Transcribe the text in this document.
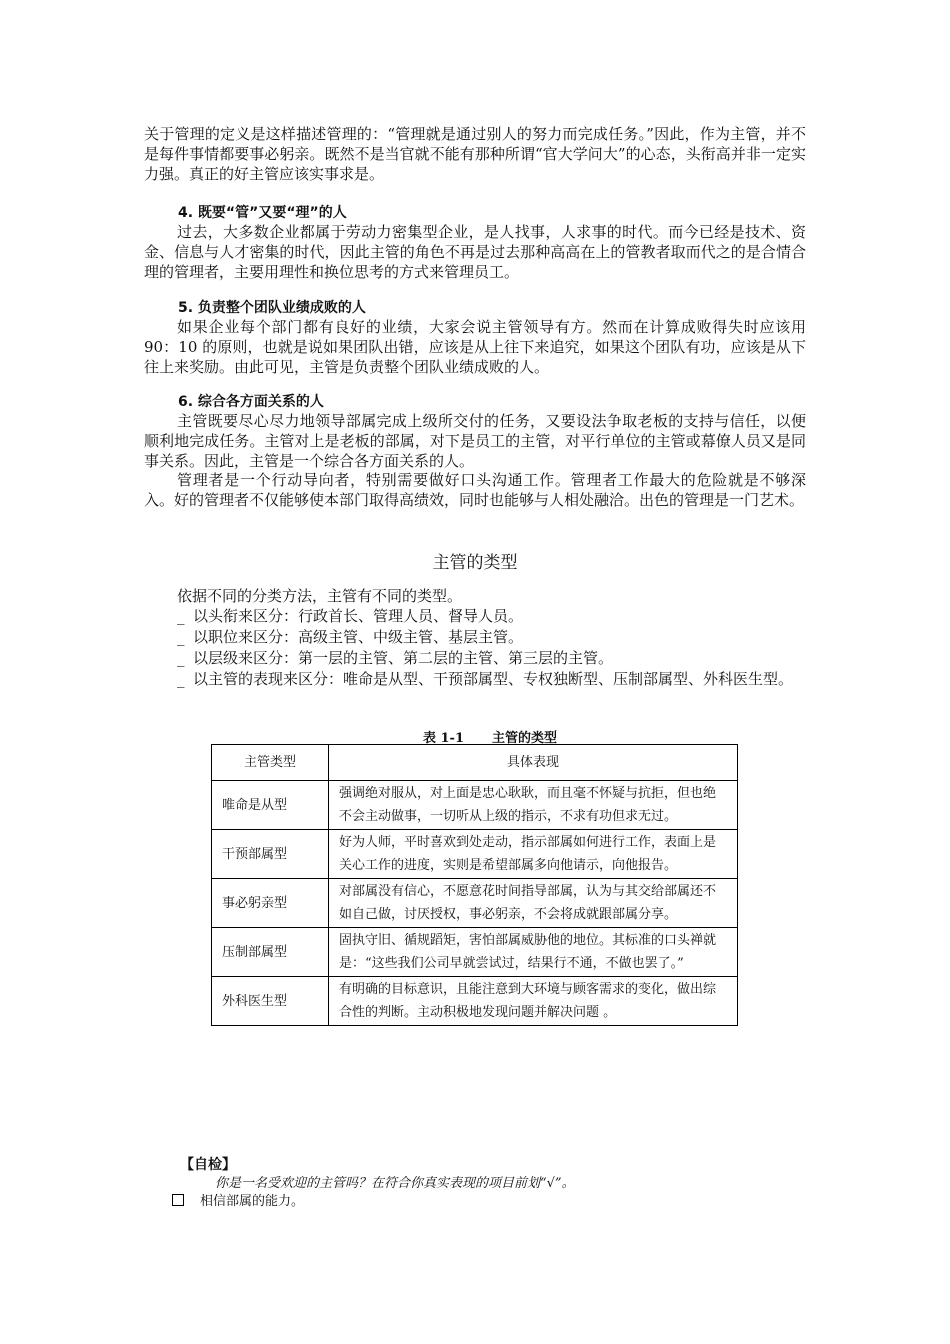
关于管理的定义是这样描述管理的：“管理就是通过别人的努力而完成任务。”因此，作为主管，并不是每件事情都要事必躬亲。既然不是当官就不能有那种所谓“官大学问大”的心态，头衔高并非一定实力强。真正的好主管应该实事求是。

4. 既要“管”又要“理”的人

过去，大多数企业都属于劳动力密集型企业，是人找事，人求事的时代。而今已经是技术、资金、信息与人才密集的时代，因此主管的角色不再是过去那种高高在上的管教者取而代之的是合情合理的管理者，主要用理性和换位思考的方式来管理员工。

5. 负责整个团队业绩成败的人

如果企业每个部门都有良好的业绩，大家会说主管领导有方。然而在计算成败得失时应该用 90：10 的原则，也就是说如果团队出错，应该是从上往下来追究，如果这个团队有功，应该是从下往上来奖励。由此可见，主管是负责整个团队业绩成败的人。

6. 综合各方面关系的人

主管既要尽心尽力地领导部属完成上级所交付的任务，又要设法争取老板的支持与信任，以便顺利地完成任务。主管对上是老板的部属，对下是员工的主管，对平行单位的主管或幕僚人员又是同事关系。因此，主管是一个综合各方面关系的人。

管理者是一个行动导向者，特别需要做好口头沟通工作。管理者工作最大的危险就是不够深入。好的管理者不仅能够使本部门取得高绩效，同时也能够与人相处融洽。出色的管理是一门艺术。

主管的类型

依据不同的分类方法，主管有不同的类型。

_ 以头衔来区分：行政首长、管理人员、督导人员。

_ 以职位来区分：高级主管、中级主管、基层主管。

_ 以层级来区分：第一层的主管、第二层的主管、第三层的主管。

_ 以主管的表现来区分：唯命是从型、干预部属型、专权独断型、压制部属型、外科医生型。

表 1-1 主管的类型

主管类型	具体表现
唯命是从型	强调绝对服从，对上面是忠心耿耿，而且毫不怀疑与抗拒，但也绝不会主动做事，一切听从上级的指示，不求有功但求无过。
干预部属型	好为人师，平时喜欢到处走动，指示部属如何进行工作，表面上是关心工作的进度，实则是希望部属多向他请示，向他报告。
事必躬亲型	对部属没有信心，不愿意花时间指导部属，认为与其交给部属还不如自己做，讨厌授权，事必躬亲，不会将成就跟部属分享。
压制部属型	固执守旧、循规蹈矩，害怕部属威胁他的地位。其标准的口头禅就是：“这些我们公司早就尝试过，结果行不通，不做也罢了。”
外科医生型	有明确的目标意识，且能注意到大环境与顾客需求的变化，做出综合性的判断。主动积极地发现问题并解决问题 。

【自检】

你是一名受欢迎的主管吗？在符合你真实表现的项目前划“√”。

相信部属的能力。
